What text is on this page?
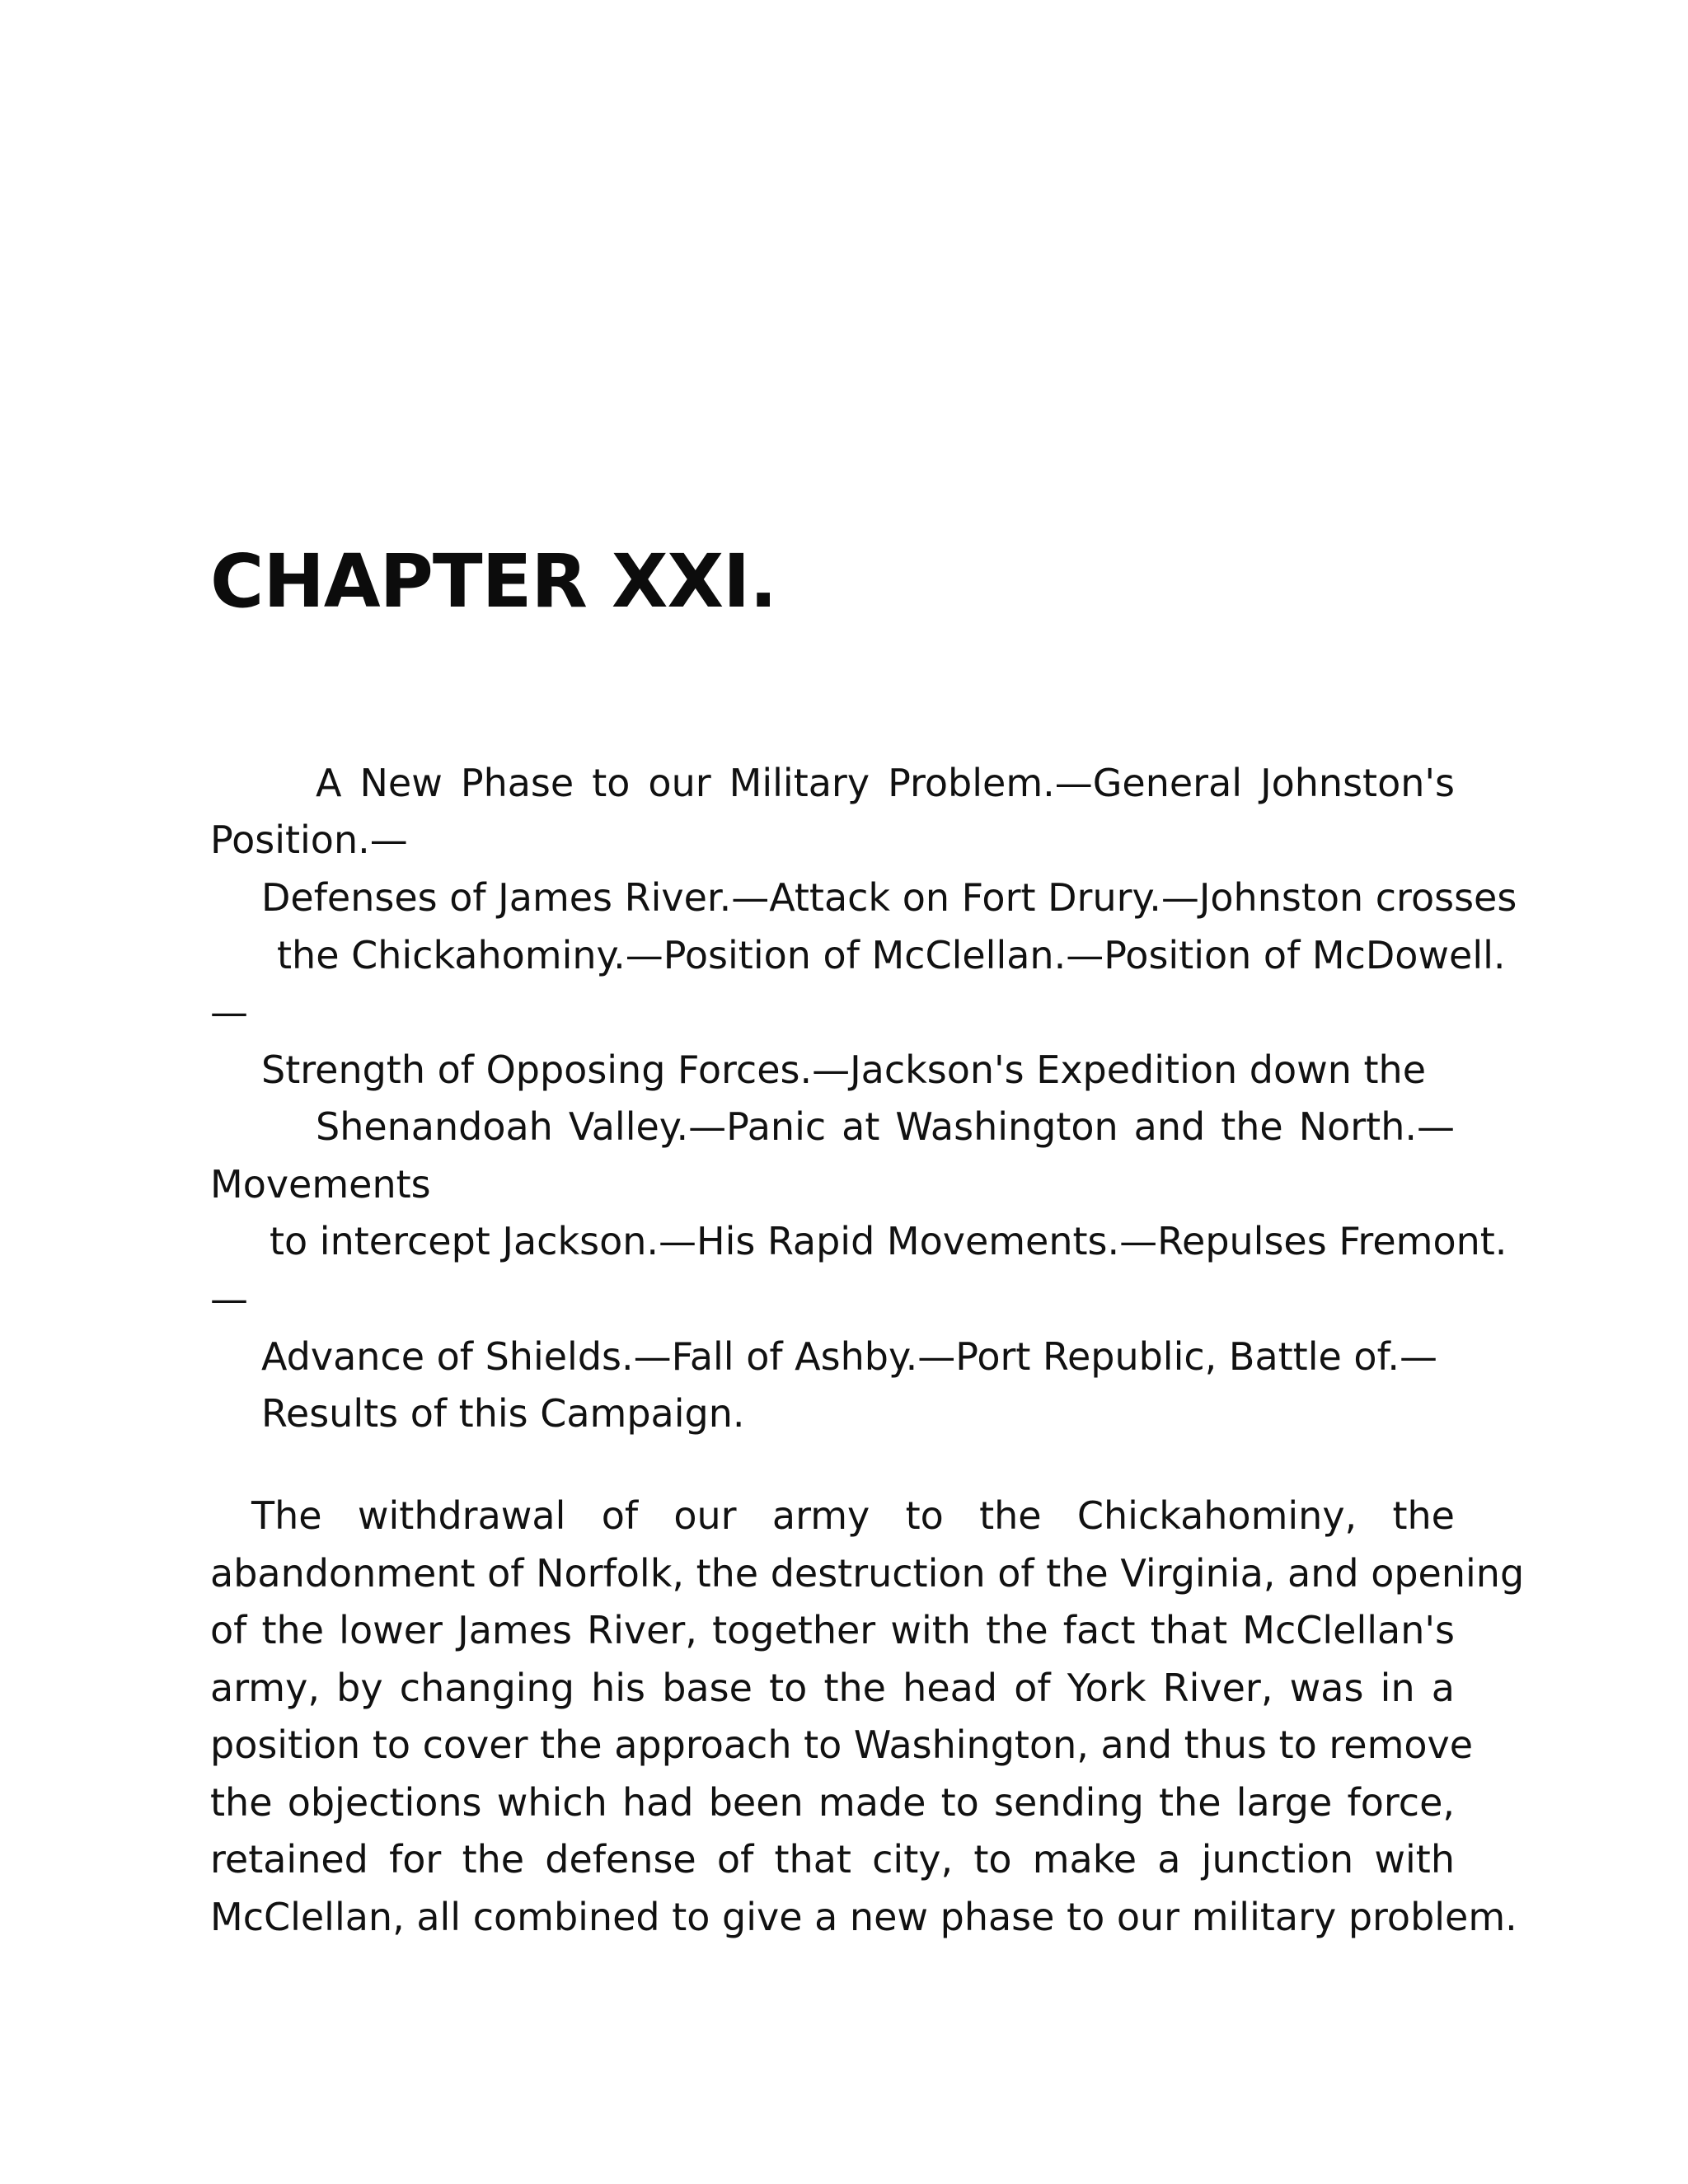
CHAPTER XXI.

A New Phase to our Military Problem.—General Johnston's

Position.—

Defenses of James River.—Attack on Fort Drury.—Johnston crosses

the Chickahominy.—Position of McClellan.—Position of McDowell.

—

Strength of Opposing Forces.—Jackson's Expedition down the

Shenandoah Valley.—Panic at Washington and the North.—

Movements

to intercept Jackson.—His Rapid Movements.—Repulses Fremont.

—

Advance of Shields.—Fall of Ashby.—Port Republic, Battle of.—

Results of this Campaign.

The withdrawal of our army to the Chickahominy, the

abandonment of Norfolk, the destruction of the Virginia, and opening

of the lower James River, together with the fact that McClellan's

army, by changing his base to the head of York River, was in a

position to cover the approach to Washington, and thus to remove

the objections which had been made to sending the large force,

retained for the defense of that city, to make a junction with

McClellan, all combined to give a new phase to our military problem.
